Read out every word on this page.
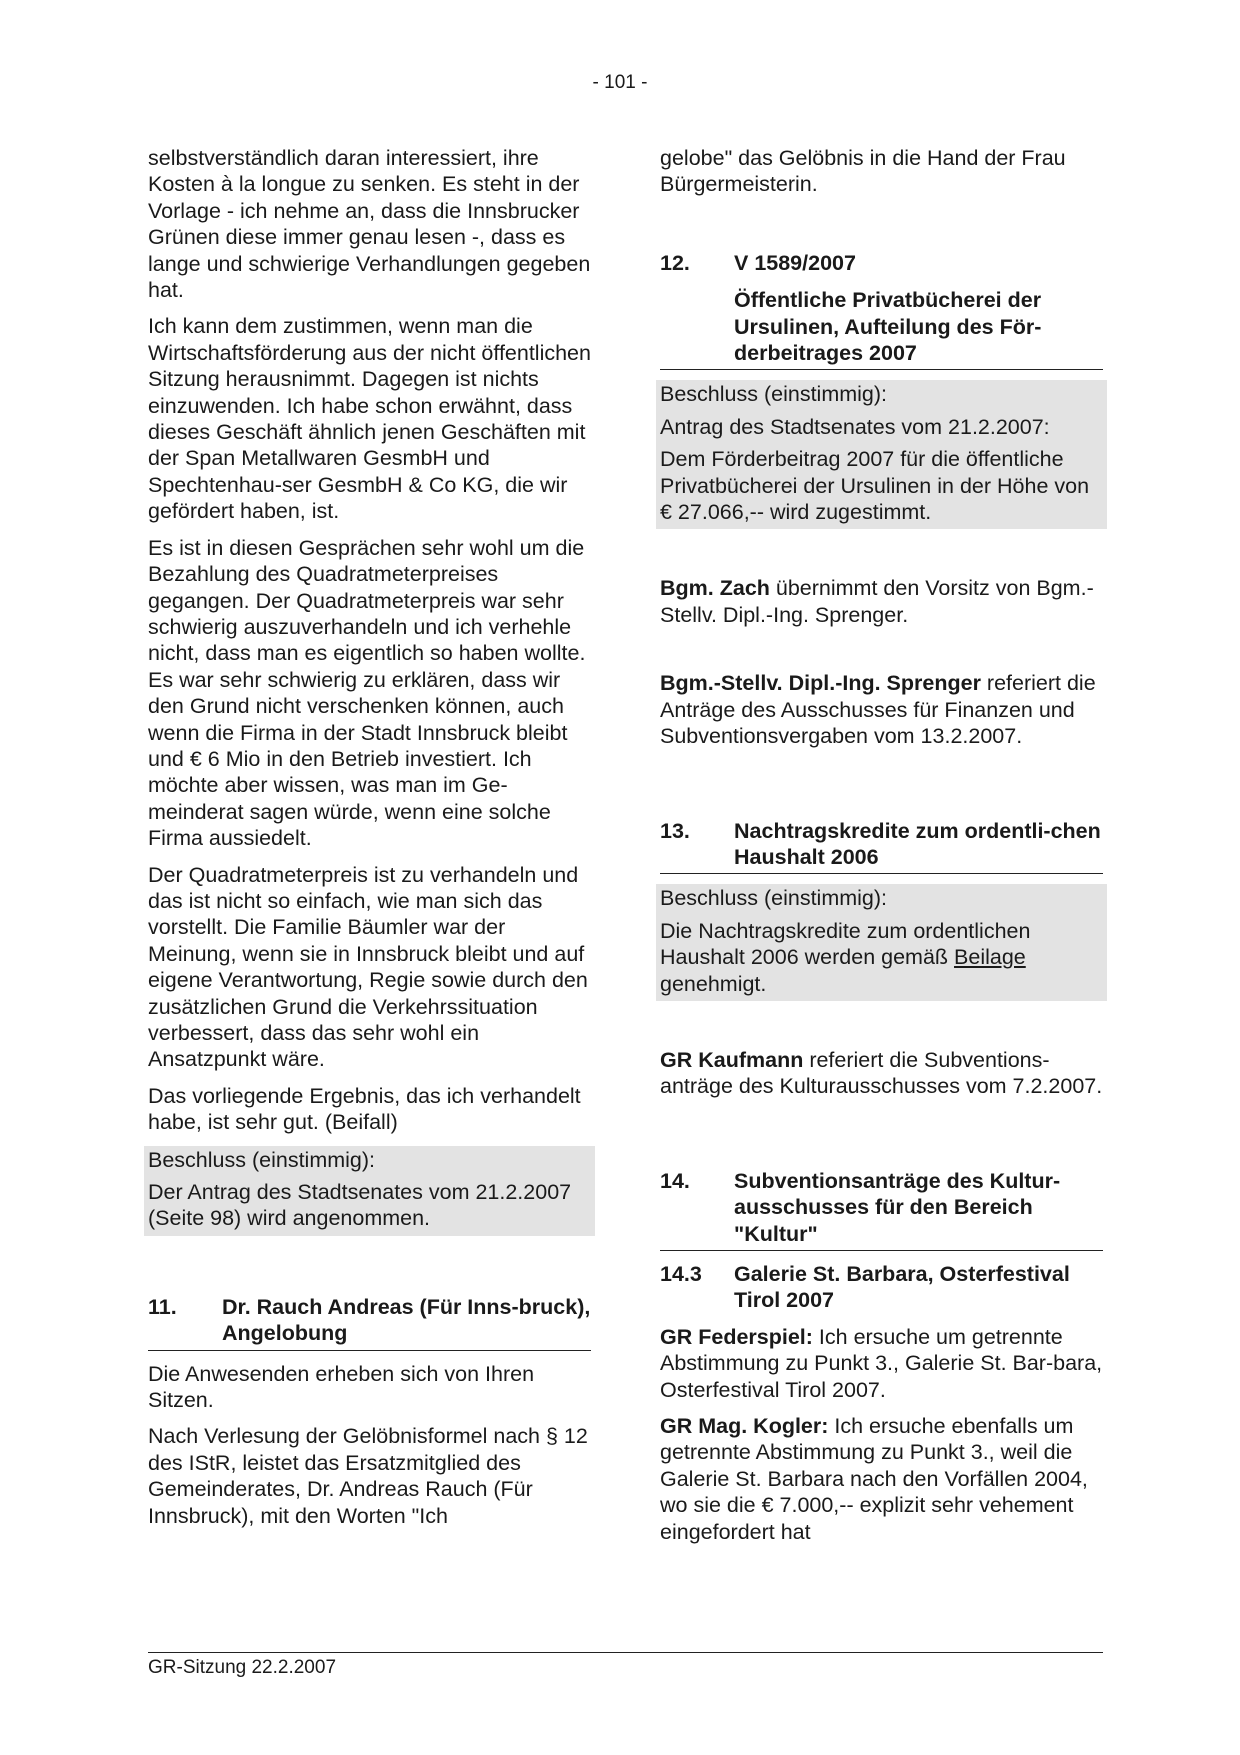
- 101 -

selbstverständlich daran interessiert, ihre Kosten à la longue zu senken. Es steht in der Vorlage - ich nehme an, dass die Innsbrucker Grünen diese immer genau lesen -, dass es lange und schwierige Verhandlungen gegeben hat.

Ich kann dem zustimmen, wenn man die Wirtschaftsförderung aus der nicht öffentlichen Sitzung herausnimmt. Dagegen ist nichts einzuwenden. Ich habe schon erwähnt, dass dieses Geschäft ähnlich jenen Geschäften mit der Span Metallwaren GesmbH und Spechtenhau-ser GesmbH & Co KG, die wir gefördert haben, ist.

Es ist in diesen Gesprächen sehr wohl um die Bezahlung des Quadratmeterpreises gegangen. Der Quadratmeterpreis war sehr schwierig auszuverhandeln und ich verhehle nicht, dass man es eigentlich so haben wollte. Es war sehr schwierig zu erklären, dass wir den Grund nicht verschenken können, auch wenn die Firma in der Stadt Innsbruck bleibt und € 6 Mio in den Betrieb investiert. Ich möchte aber wissen, was man im Ge-meinderat sagen würde, wenn eine solche Firma aussiedelt.

Der Quadratmeterpreis ist zu verhandeln und das ist nicht so einfach, wie man sich das vorstellt. Die Familie Bäumler war der Meinung, wenn sie in Innsbruck bleibt und auf eigene Verantwortung, Regie sowie durch den zusätzlichen Grund die Verkehrssituation verbessert, dass das sehr wohl ein Ansatzpunkt wäre.

Das vorliegende Ergebnis, das ich verhandelt habe, ist sehr gut. (Beifall)

Beschluss (einstimmig):

Der Antrag des Stadtsenates vom 21.2.2007 (Seite 98) wird angenommen.

11.	Dr. Rauch Andreas (Für Inns-bruck), Angelobung

Die Anwesenden erheben sich von Ihren Sitzen.

Nach Verlesung der Gelöbnisformel nach § 12 des IStR, leistet das Ersatzmitglied des Gemeinderates, Dr. Andreas Rauch (Für Innsbruck), mit den Worten "Ich

gelobe" das Gelöbnis in die Hand der Frau Bürgermeisterin.

12.	V 1589/2007
Öffentliche Privatbücherei der Ursulinen, Aufteilung des För-derbeitrages 2007

Beschluss (einstimmig):

Antrag des Stadtsenates vom 21.2.2007:

Dem Förderbeitrag 2007 für die öffentliche Privatbücherei der Ursulinen in der Höhe von € 27.066,-- wird zugestimmt.

Bgm. Zach übernimmt den Vorsitz von Bgm.-Stellv. Dipl.-Ing. Sprenger.

Bgm.-Stellv. Dipl.-Ing. Sprenger referiert die Anträge des Ausschusses für Finanzen und Subventionsvergaben vom 13.2.2007.

13.	Nachtragskredite zum ordentli-chen Haushalt 2006

Beschluss (einstimmig):

Die Nachtragskredite zum ordentlichen Haushalt 2006 werden gemäß Beilage genehmigt.

GR Kaufmann referiert die Subventions-anträge des Kulturausschusses vom 7.2.2007.

14.	Subventionsanträge des Kultur-ausschusses für den Bereich "Kultur"
14.3	Galerie St. Barbara, Osterfestival Tirol 2007

GR Federspiel: Ich ersuche um getrennte Abstimmung zu Punkt 3., Galerie St. Bar-bara, Osterfestival Tirol 2007.

GR Mag. Kogler: Ich ersuche ebenfalls um getrennte Abstimmung zu Punkt 3., weil die Galerie St. Barbara nach den Vorfällen 2004, wo sie die € 7.000,-- explizit sehr vehement eingefordert hat

GR-Sitzung 22.2.2007
